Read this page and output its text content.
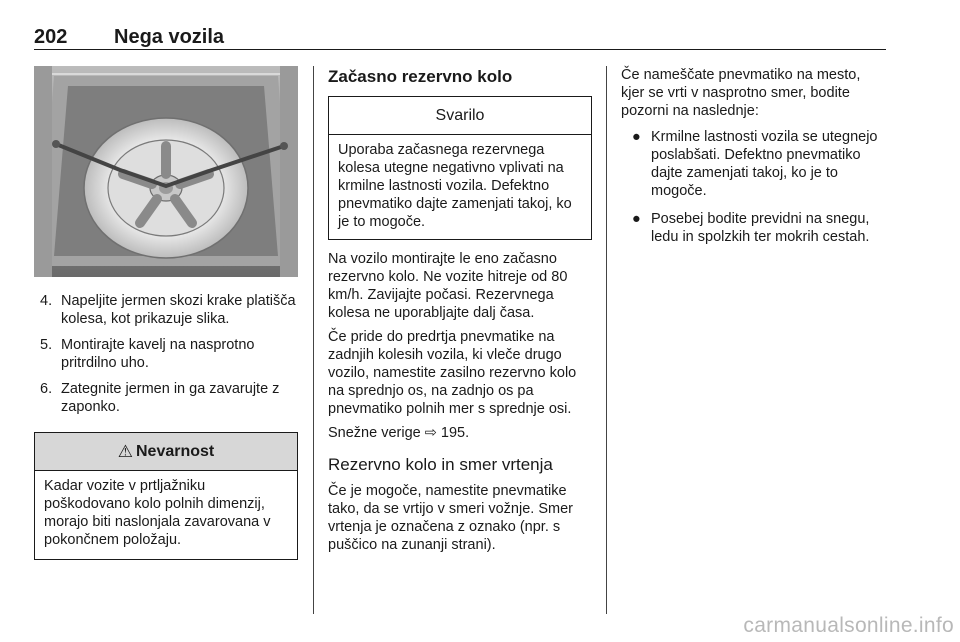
202 Nega vozila
4. Napeljite jermen skozi krake platišča kolesa, kot prikazuje slika.
5. Montirajte kavelj na nasprotno pritrdilno uho.
6. Zategnite jermen in ga zavarujte z zaponko.
⚠ Nevarnost
Kadar vozite v prtljažniku poškodovano kolo polnih dimenzij, morajo biti naslonjala zavarovana v pokončnem položaju.
Začasno rezervno kolo
Svarilo
Uporaba začasnega rezervnega kolesa utegne negativno vplivati na krmilne lastnosti vozila. Defektno pnevmatiko dajte zamenjati takoj, ko je to mogoče.
Na vozilo montirajte le eno začasno rezervno kolo. Ne vozite hitreje od 80 km/h. Zavijajte počasi. Rezervnega kolesa ne uporabljajte dalj časa.
Če pride do predrtja pnevmatike na zadnjih kolesih vozila, ki vleče drugo vozilo, namestite zasilno rezervno kolo na sprednjo os, na zadnjo os pa pnevmatiko polnih mer s sprednje osi.
Snežne verige ⇨ 195.
Rezervno kolo in smer vrtenja
Če je mogoče, namestite pnevmatike tako, da se vrtijo v smeri vožnje. Smer vrtenja je označena z oznako (npr. s puščico na zunanji strani).
Če nameščate pnevmatiko na mesto, kjer se vrti v nasprotno smer, bodite pozorni na naslednje:
● Krmilne lastnosti vozila se utegnejo poslabšati. Defektno pnevmatiko dajte zamenjati takoj, ko je to mogoče.
● Posebej bodite previdni na snegu, ledu in spolzkih ter mokrih cestah.
carmanualsonline.info
